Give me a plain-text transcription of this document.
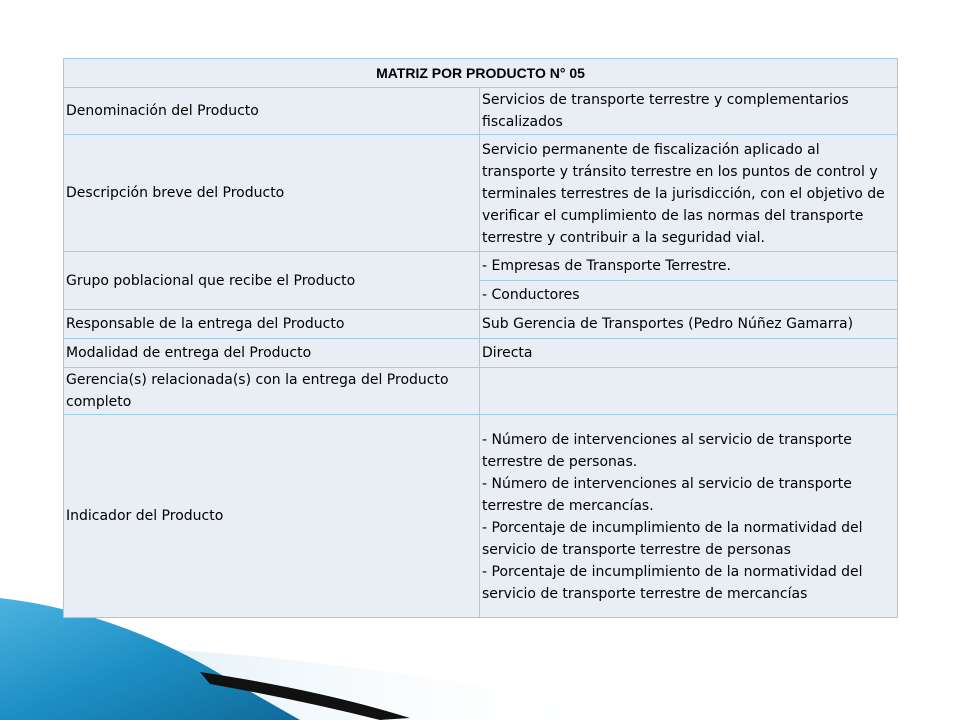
MATRIZ POR PRODUCTO N° 05	
Denominación del Producto	Servicios de transporte terrestre y complementarios fiscalizados
Descripción breve del Producto	Servicio permanente de fiscalización aplicado al transporte y tránsito terrestre en los puntos de control y terminales terrestres de la jurisdicción, con el objetivo de verificar el cumplimiento de las normas del transporte terrestre y contribuir a la seguridad vial.
Grupo poblacional que recibe el Producto	- Empresas de Transporte Terrestre.
	- Conductores
Responsable de la entrega del Producto	Sub Gerencia de Transportes (Pedro Núñez Gamarra)
Modalidad de entrega del Producto	Directa
Gerencia(s) relacionada(s) con la entrega del Producto completo	
Indicador del Producto	- Número de intervenciones al servicio de transporte terrestre de personas.
- Número de intervenciones al servicio de transporte terrestre de mercancías.
- Porcentaje de incumplimiento de la normatividad del servicio de transporte terrestre de personas
- Porcentaje de incumplimiento de la normatividad del servicio de transporte terrestre de mercancías
